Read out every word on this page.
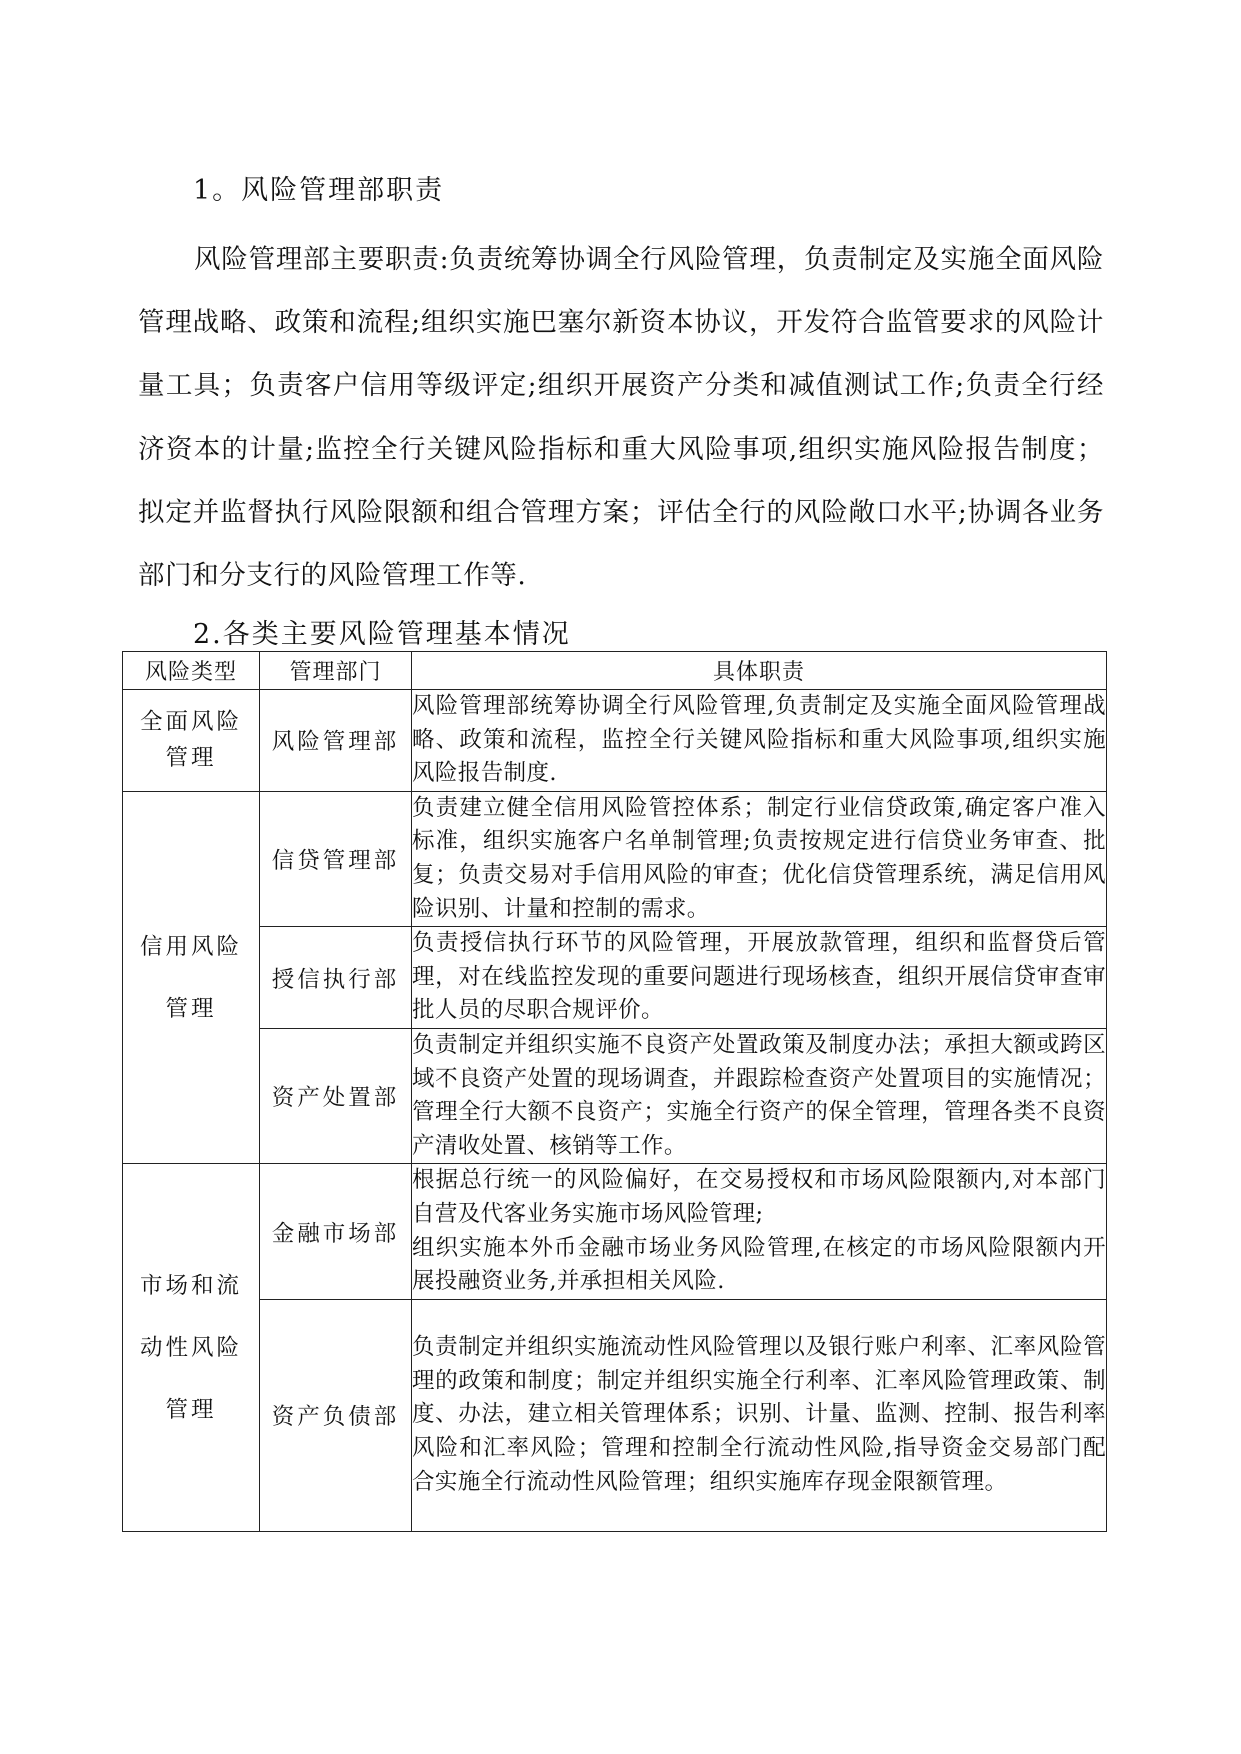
1。风险管理部职责

风险管理部主要职责:负责统筹协调全行风险管理，负责制定及实施全面风险管理战略、政策和流程;组织实施巴塞尔新资本协议，开发符合监管要求的风险计量工具；负责客户信用等级评定;组织开展资产分类和减值测试工作;负责全行经济资本的计量;监控全行关键风险指标和重大风险事项,组织实施风险报告制度；拟定并监督执行风险限额和组合管理方案；评估全行的风险敞口水平;协调各业务部门和分支行的风险管理工作等.

2.各类主要风险管理基本情况
风险类型	管理部门	具体职责

全面风险
管理	风险管理部	风险管理部统筹协调全行风险管理,负责制定及实施全面风险管理战略、政策和流程，监控全行关键风险指标和重大风险事项,组织实施风险报告制度.

信用风险
管理	信贷管理部	负责建立健全信用风险管控体系；制定行业信贷政策,确定客户准入标准，组织实施客户名单制管理;负责按规定进行信贷业务审查、批复；负责交易对手信用风险的审查；优化信贷管理系统，满足信用风险识别、计量和控制的需求。

	授信执行部	负责授信执行环节的风险管理，开展放款管理，组织和监督贷后管理，对在线监控发现的重要问题进行现场核查，组织开展信贷审查审批人员的尽职合规评价。

	资产处置部	负责制定并组织实施不良资产处置政策及制度办法；承担大额或跨区域不良资产处置的现场调查，并跟踪检查资产处置项目的实施情况；管理全行大额不良资产；实施全行资产的保全管理，管理各类不良资产清收处置、核销等工作。

市场和流
动性风险
管理	金融市场部	根据总行统一的风险偏好，在交易授权和市场风险限额内,对本部门自营及代客业务实施市场风险管理;
组织实施本外币金融市场业务风险管理,在核定的市场风险限额内开展投融资业务,并承担相关风险.

	资产负债部	负责制定并组织实施流动性风险管理以及银行账户利率、汇率风险管理的政策和制度；制定并组织实施全行利率、汇率风险管理政策、制度、办法，建立相关管理体系；识别、计量、监测、控制、报告利率风险和汇率风险；管理和控制全行流动性风险,指导资金交易部门配合实施全行流动性风险管理；组织实施库存现金限额管理。
